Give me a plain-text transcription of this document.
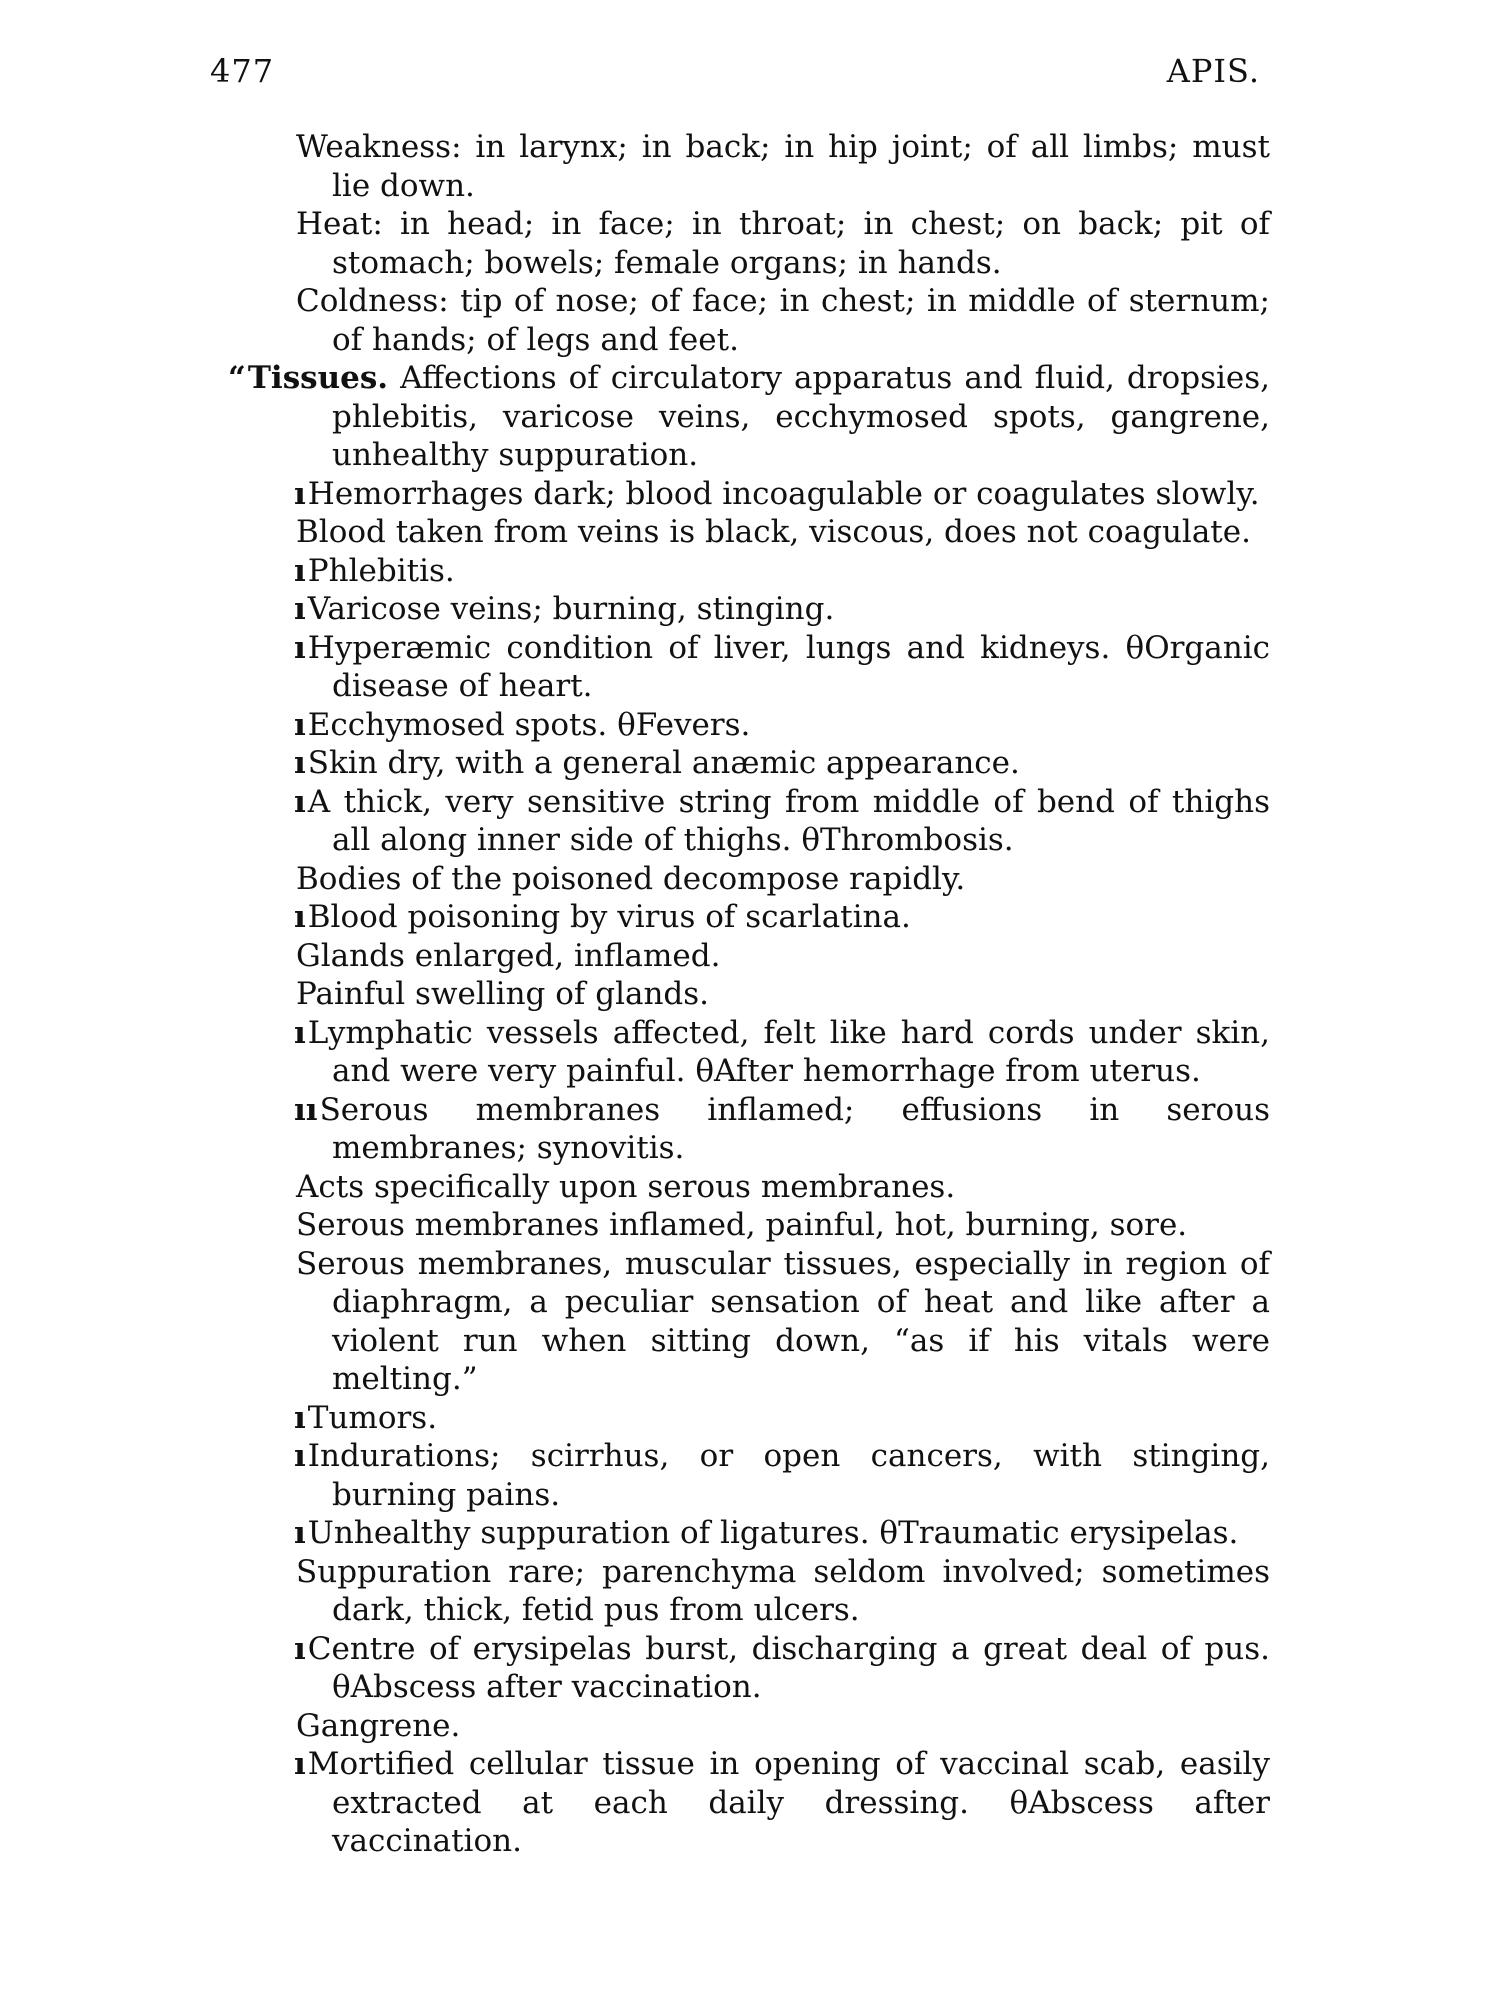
477	APIS.
Weakness: in larynx; in back; in hip joint; of all limbs; must lie down.
Heat: in head; in face; in throat; in chest; on back; pit of stomach; bowels; female organs; in hands.
Coldness: tip of nose; of face; in chest; in middle of sternum; of hands; of legs and feet.
“Tissues. Affections of circulatory apparatus and fluid, dropsies, phlebitis, varicose veins, ecchymosed spots, gangrene, unhealthy suppuration.
ıHemorrhages dark; blood incoagulable or coagulates slowly.
Blood taken from veins is black, viscous, does not coagulate.
ıPhlebitis.
ıVaricose veins; burning, stinging.
ıHyperæmic condition of liver, lungs and kidneys. θOrganic disease of heart.
ıEcchymosed spots. θFevers.
ıSkin dry, with a general anæmic appearance.
ıA thick, very sensitive string from middle of bend of thighs all along inner side of thighs. θThrombosis.
Bodies of the poisoned decompose rapidly.
ıBlood poisoning by virus of scarlatina.
Glands enlarged, inflamed.
Painful swelling of glands.
ıLymphatic vessels affected, felt like hard cords under skin, and were very painful. θAfter hemorrhage from uterus.
ııSerous membranes inflamed; effusions in serous membranes; synovitis.
Acts specifically upon serous membranes.
Serous membranes inflamed, painful, hot, burning, sore.
Serous membranes, muscular tissues, especially in region of diaphragm, a peculiar sensation of heat and like after a violent run when sitting down, “as if his vitals were melting.”
ıTumors.
ıIndurations; scirrhus, or open cancers, with stinging, burning pains.
ıUnhealthy suppuration of ligatures. θTraumatic erysipelas.
Suppuration rare; parenchyma seldom involved; sometimes dark, thick, fetid pus from ulcers.
ıCentre of erysipelas burst, discharging a great deal of pus. θAbscess after vaccination.
Gangrene.
ıMortified cellular tissue in opening of vaccinal scab, easily extracted at each daily dressing. θAbscess after vaccination.
